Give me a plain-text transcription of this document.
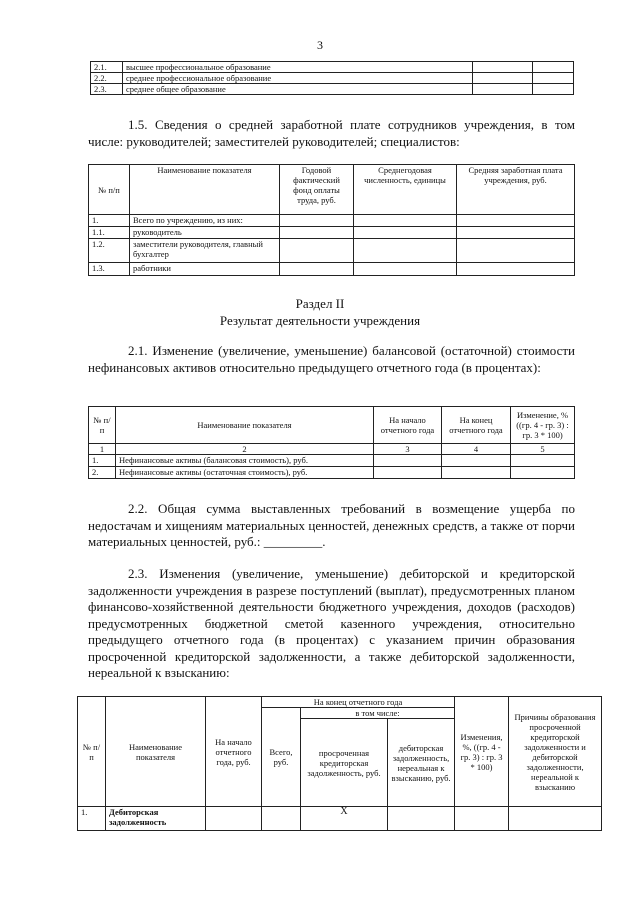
3
2.1.	высшее профессиональное образование		
2.2.	среднее профессиональное образование		
2.3.	среднее общее образование		
1.5. Сведения о средней заработной плате сотрудников учреждения, в том числе: руководителей; заместителей руководителей; специалистов:
№ п/п	Наименование показателя	Годовой фактический фонд оплаты труда, руб.	Среднегодовая численность, единицы	Средняя заработная плата учреждения, руб.
1.	Всего по учреждению, из них:			
1.1.	руководитель			
1.2.	заместители руководителя, главный бухгалтер			
1.3.	работники			
Раздел II
Результат деятельности учреждения
2.1. Изменение (увеличение, уменьшение) балансовой (остаточной) стоимости нефинансовых активов относительно предыдущего отчетного года (в процентах):
№ п/п	Наименование показателя	На начало отчетного года	На конец отчетного года	Изменение, % ((гр. 4 - гр. 3) : гр. 3 * 100)
1	2	3	4	5
1.	Нефинансовые активы (балансовая стоимость), руб.			
2.	Нефинансовые активы (остаточная стоимость), руб.			
2.2. Общая сумма выставленных требований в возмещение ущерба по недостачам и хищениям материальных ценностей, денежных средств, а также от порчи материальных ценностей, руб.: _________.
2.3. Изменения (увеличение, уменьшение) дебиторской и кредиторской задолженности учреждения в разрезе поступлений (выплат), предусмотренных планом финансово-хозяйственной деятельности бюджетного учреждения, доходов (расходов) предусмотренных бюджетной сметой казенного учреждения, относительно предыдущего отчетного года (в процентах) с указанием причин образования просроченной кредиторской задолженности, а также дебиторской задолженности, нереальной к взысканию:
№ п/п	Наименование показателя	На начало отчетного года, руб.	На конец отчетного года			Изменения, %, ((гр. 4 - гр. 3) : гр. 3 * 100)	Причины образования просроченной кредиторской задолженности и дебиторской задолженности, нереальной к взысканию
			Всего, руб.	в том числе:			
				просроченная кредиторская задолженность, руб.	дебиторская задолженность, нереальная к взысканию, руб.		
1.	Дебиторская задолженность			X			
